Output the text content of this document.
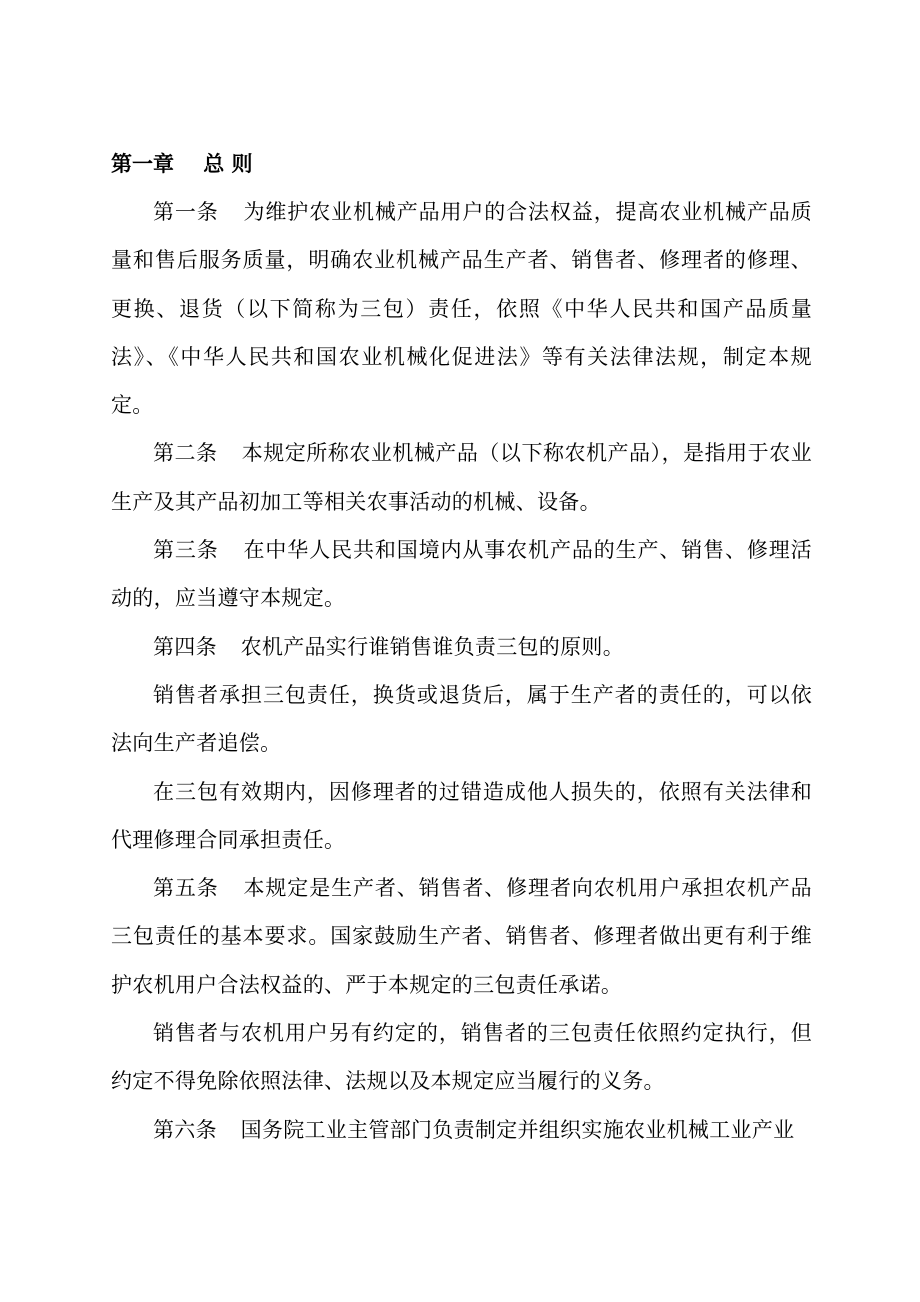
第一章    总 则

第一条　  为维护农业机械产品用户的合法权益，提高农业机械产品质量和售后服务质量，明确农业机械产品生产者、销售者、修理者的修理、更换、退货（以下简称为三包）责任，依照《中华人民共和国产品质量法》、《中华人民共和国农业机械化促进法》等有关法律法规，制定本规定。

第二条　  本规定所称农业机械产品（以下称农机产品），是指用于农业生产及其产品初加工等相关农事活动的机械、设备。

第三条　  在中华人民共和国境内从事农机产品的生产、销售、修理活动的，应当遵守本规定。

第四条　  农机产品实行谁销售谁负责三包的原则。

销售者承担三包责任，换货或退货后，属于生产者的责任的，可以依法向生产者追偿。

在三包有效期内，因修理者的过错造成他人损失的，依照有关法律和代理修理合同承担责任。

第五条　  本规定是生产者、销售者、修理者向农机用户承担农机产品三包责任的基本要求。国家鼓励生产者、销售者、修理者做出更有利于维护农机用户合法权益的、严于本规定的三包责任承诺。

销售者与农机用户另有约定的，销售者的三包责任依照约定执行，但约定不得免除依照法律、法规以及本规定应当履行的义务。

第六条　  国务院工业主管部门负责制定并组织实施农业机械工业产业
